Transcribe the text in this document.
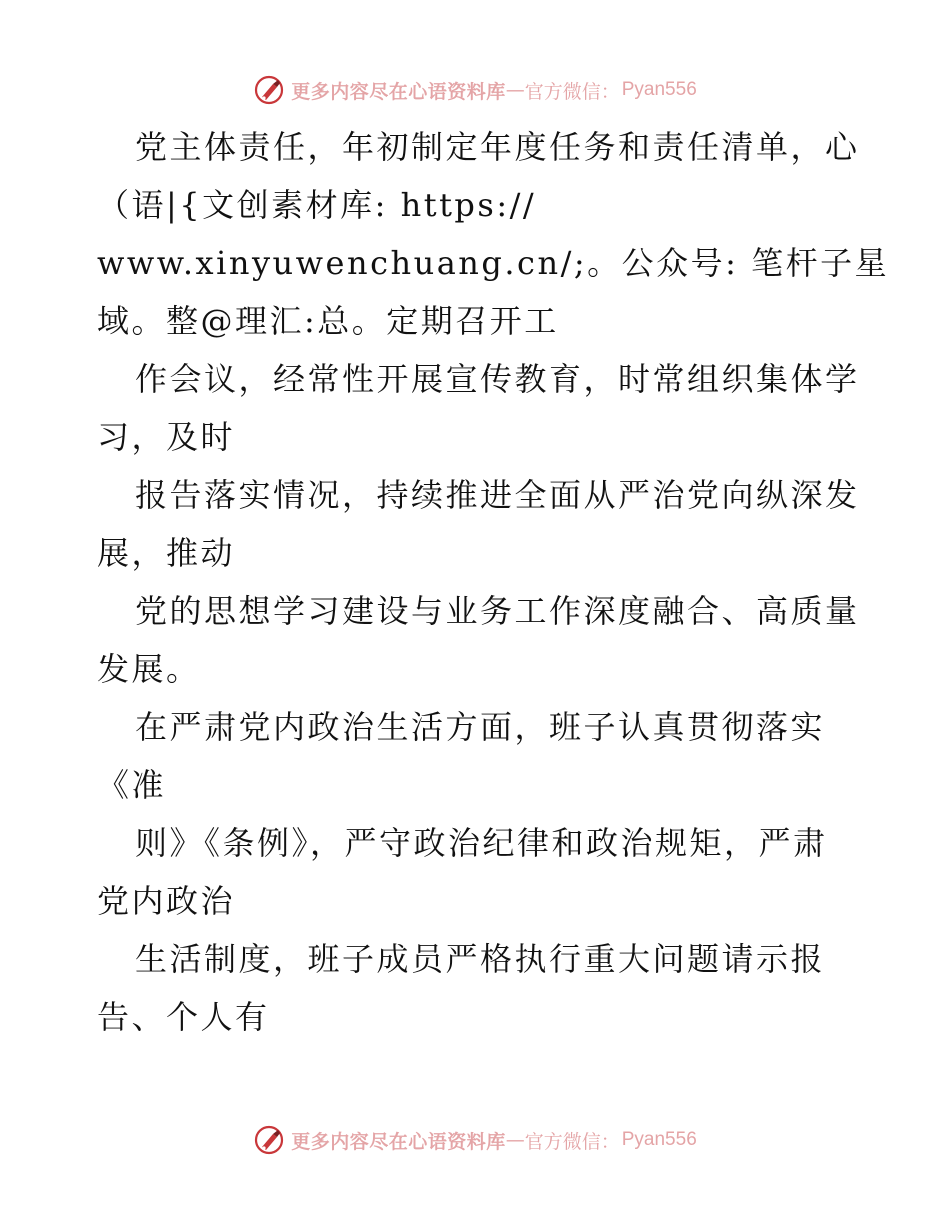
更多内容尽在心语资料库 — 官方微信： Pyan556
党主体责任，年初制定年度任务和责任清单，心
（语|{文创素材库: https://
www.xinyuwenchuang.cn/;。公众号: 笔杆子星
域。整@理汇:总。定期召开工
作会议，经常性开展宣传教育，时常组织集体学
习，及时
报告落实情况，持续推进全面从严治党向纵深发
展，推动
党的思想学习建设与业务工作深度融合、高质量
发展。
在严肃党内政治生活方面，班子认真贯彻落实
《准
则》《条例》，严守政治纪律和政治规矩，严肃
党内政治
生活制度，班子成员严格执行重大问题请示报
告、个人有
更多内容尽在心语资料库 — 官方微信： Pyan556
